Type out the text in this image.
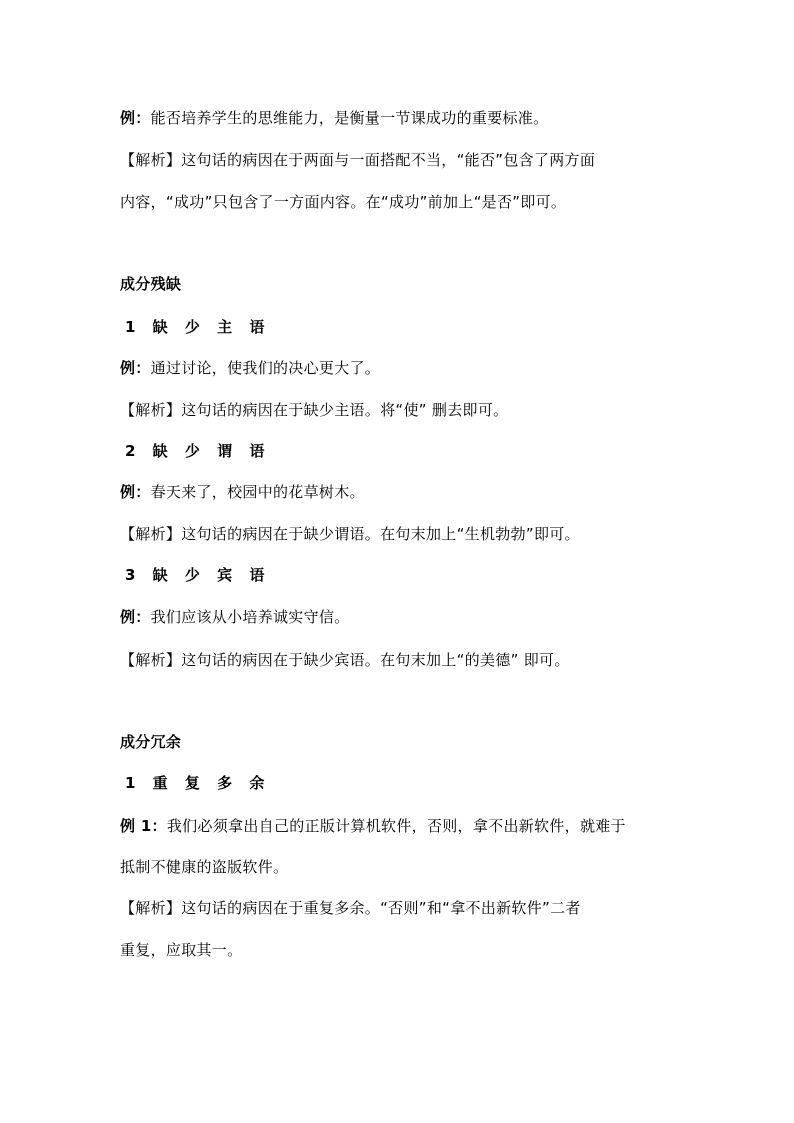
例：能否培养学生的思维能力，是衡量一节课成功的重要标准。
【解析】这句话的病因在于两面与一面搭配不当，“能否”包含了两方面
内容，“成功”只包含了一方面内容。在“成功”前加上“是否”即可。
成分残缺
1 缺 少 主 语
例：通过讨论，使我们的决心更大了。
【解析】这句话的病因在于缺少主语。将“使” 删去即可。
2 缺 少 谓 语
例：春天来了，校园中的花草树木。
【解析】这句话的病因在于缺少谓语。在句末加上“生机勃勃”即可。
3 缺 少 宾 语
例：我们应该从小培养诚实守信。
【解析】这句话的病因在于缺少宾语。在句末加上“的美德” 即可。
成分冗余
1 重 复 多 余
例 1：我们必须拿出自己的正版计算机软件，否则，拿不出新软件，就难于
抵制不健康的盗版软件。
【解析】这句话的病因在于重复多余。“否则”和“拿不出新软件”二者
重复，应取其一。
